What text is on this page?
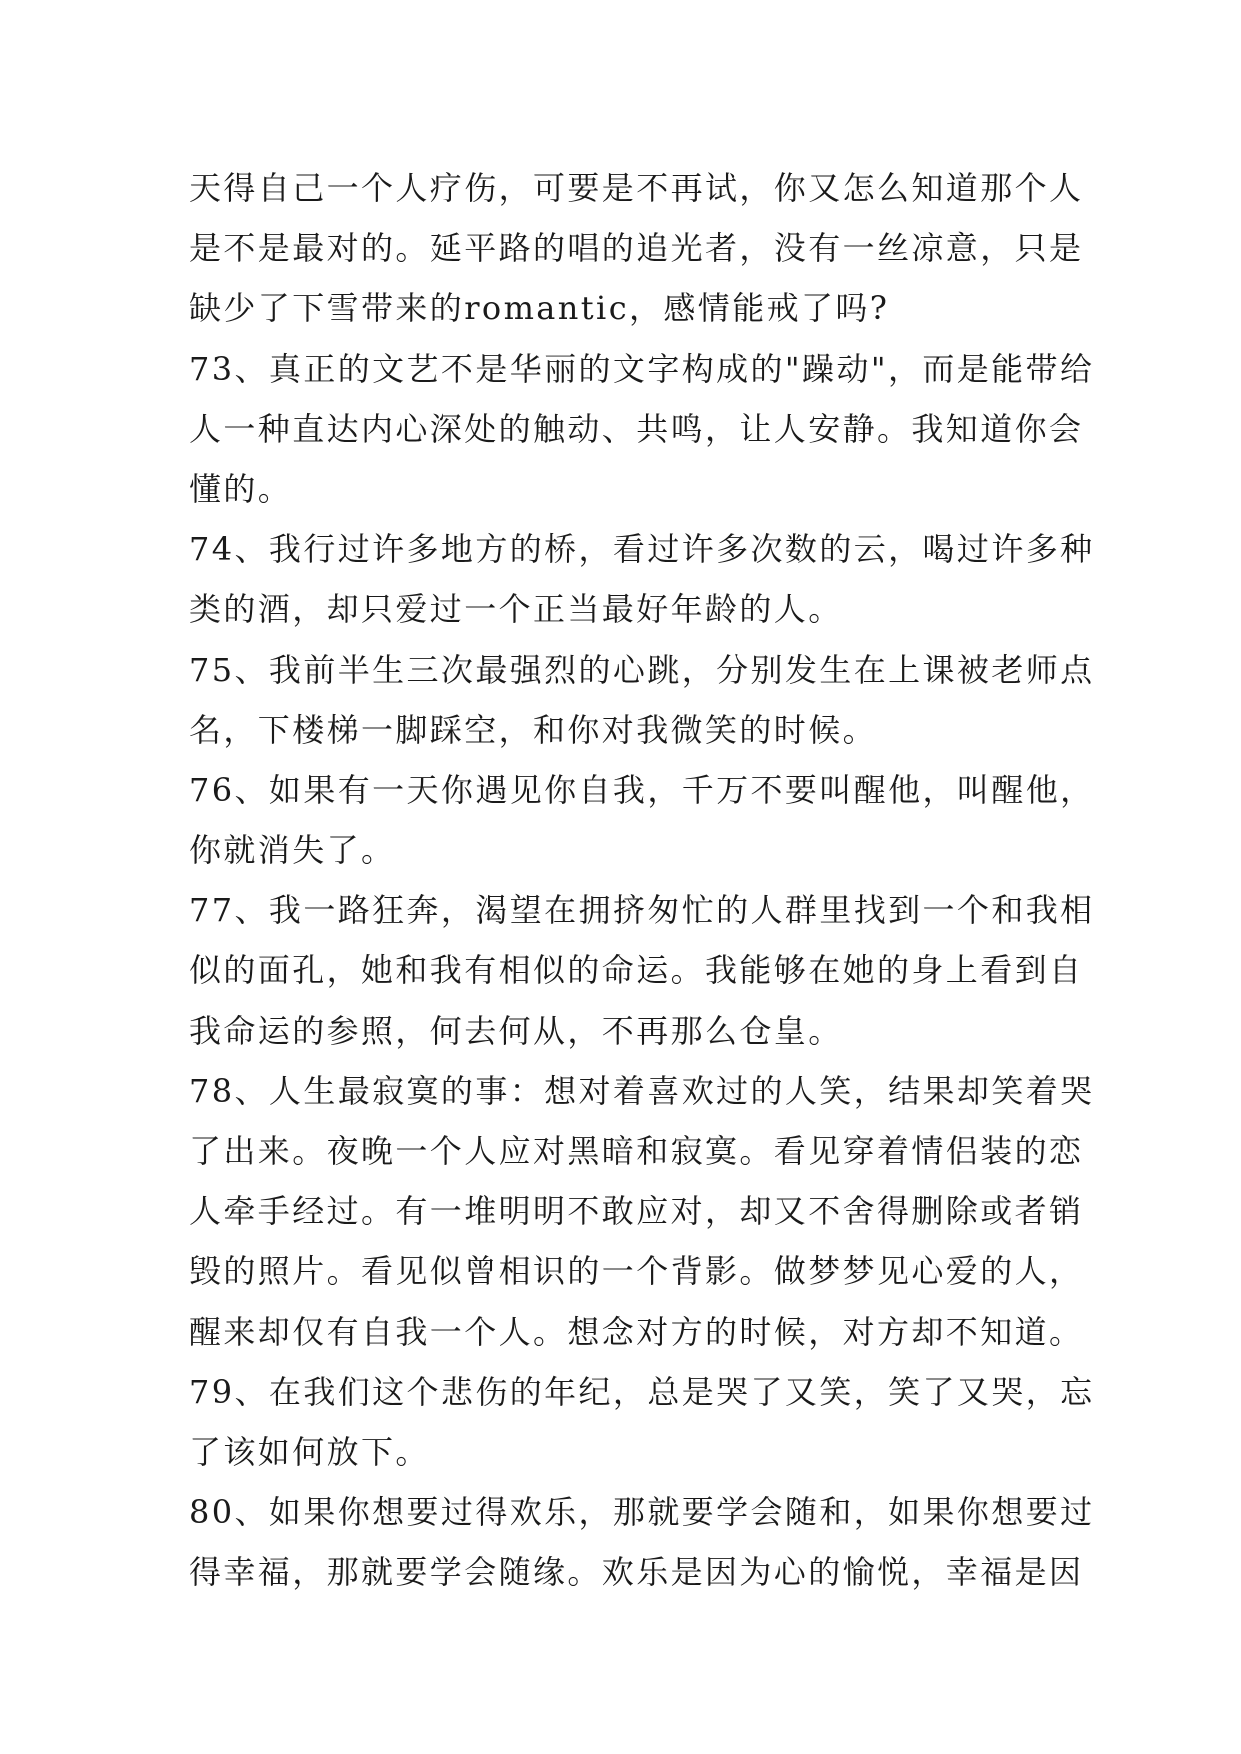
天得自己一个人疗伤，可要是不再试，你又怎么知道那个人
是不是最对的。延平路的唱的追光者，没有一丝凉意，只是
缺少了下雪带来的romantic，感情能戒了吗?
73、真正的文艺不是华丽的文字构成的"躁动"，而是能带给
人一种直达内心深处的触动、共鸣，让人安静。我知道你会
懂的。
74、我行过许多地方的桥，看过许多次数的云，喝过许多种
类的酒，却只爱过一个正当最好年龄的人。
75、我前半生三次最强烈的心跳，分别发生在上课被老师点
名，下楼梯一脚踩空，和你对我微笑的时候。
76、如果有一天你遇见你自我，千万不要叫醒他，叫醒他，
你就消失了。
77、我一路狂奔，渴望在拥挤匆忙的人群里找到一个和我相
似的面孔，她和我有相似的命运。我能够在她的身上看到自
我命运的参照，何去何从，不再那么仓皇。
78、人生最寂寞的事：想对着喜欢过的人笑，结果却笑着哭
了出来。夜晚一个人应对黑暗和寂寞。看见穿着情侣装的恋
人牵手经过。有一堆明明不敢应对，却又不舍得删除或者销
毁的照片。看见似曾相识的一个背影。做梦梦见心爱的人，
醒来却仅有自我一个人。想念对方的时候，对方却不知道。
79、在我们这个悲伤的年纪，总是哭了又笑，笑了又哭，忘
了该如何放下。
80、如果你想要过得欢乐，那就要学会随和，如果你想要过
得幸福，那就要学会随缘。欢乐是因为心的愉悦，幸福是因
